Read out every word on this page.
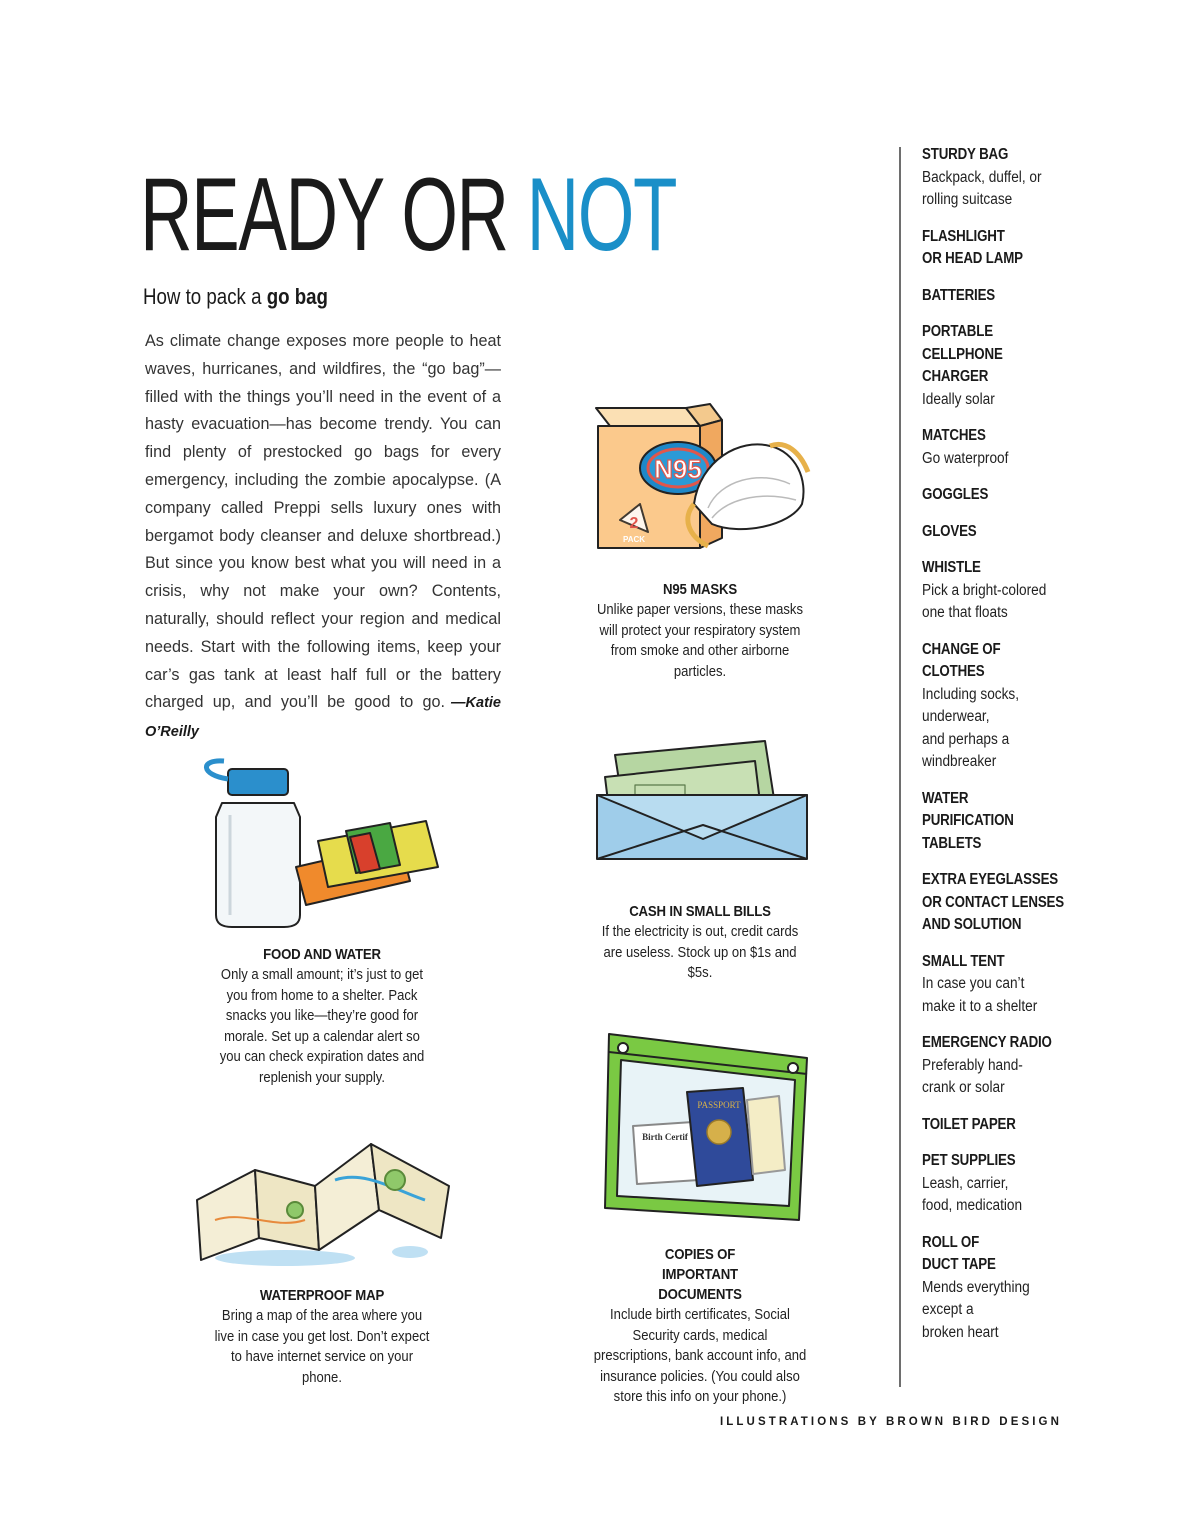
READY OR NOT
How to pack a go bag

As climate change exposes more people to heat waves, hurricanes, and wildfires, the “go bag”—filled with the things you’ll need in the event of a hasty evacuation—has become trendy. You can find plenty of prestocked go bags for every emergency, including the zombie apocalypse. (A company called Preppi sells luxury ones with bergamot body cleanser and deluxe shortbread.) But since you know best what you will need in a crisis, why not make your own? Contents, naturally, should reflect your region and medical needs. Start with the following items, keep your car’s gas tank at least half full or the battery charged up, and you’ll be good to go. —Katie O’Reilly

N95
2
PACK
N95 MASKS
Unlike paper versions, these masks will protect your respiratory system from smoke and other airborne particles.
CASH IN SMALL BILLS
If the electricity is out, credit cards are useless. Stock up on $1s and $5s.
FOOD AND WATER
Only a small amount; it’s just to get you from home to a shelter. Pack snacks you like—they’re good for morale. Set up a calendar alert so you can check expiration dates and replenish your supply.
PASSPORT
Birth Certif
COPIES OF IMPORTANT DOCUMENTS
Include birth certificates, Social Security cards, medical prescriptions, bank account info, and insurance policies. (You could also store this info on your phone.)
WATERPROOF MAP
Bring a map of the area where you live in case you get lost. Don’t expect to have internet service on your phone.
STURDY BAG
Backpack, duffel, or
rolling suitcase
FLASHLIGHT
OR HEAD LAMP
BATTERIES
PORTABLE
CELLPHONE
CHARGER
Ideally solar
MATCHES
Go waterproof
GOGGLES
GLOVES
WHISTLE
Pick a bright-colored
one that floats
CHANGE OF
CLOTHES
Including socks,
underwear,
and perhaps a
windbreaker
WATER
PURIFICATION
TABLETS
EXTRA EYEGLASSES
OR CONTACT LENSES
AND SOLUTION
SMALL TENT
In case you can’t
make it to a shelter
EMERGENCY RADIO
Preferably hand-
crank or solar
TOILET PAPER
PET SUPPLIES
Leash, carrier,
food, medication
ROLL OF
DUCT TAPE
Mends everything
except a
broken heart
ILLUSTRATIONS BY BROWN BIRD DESIGN
